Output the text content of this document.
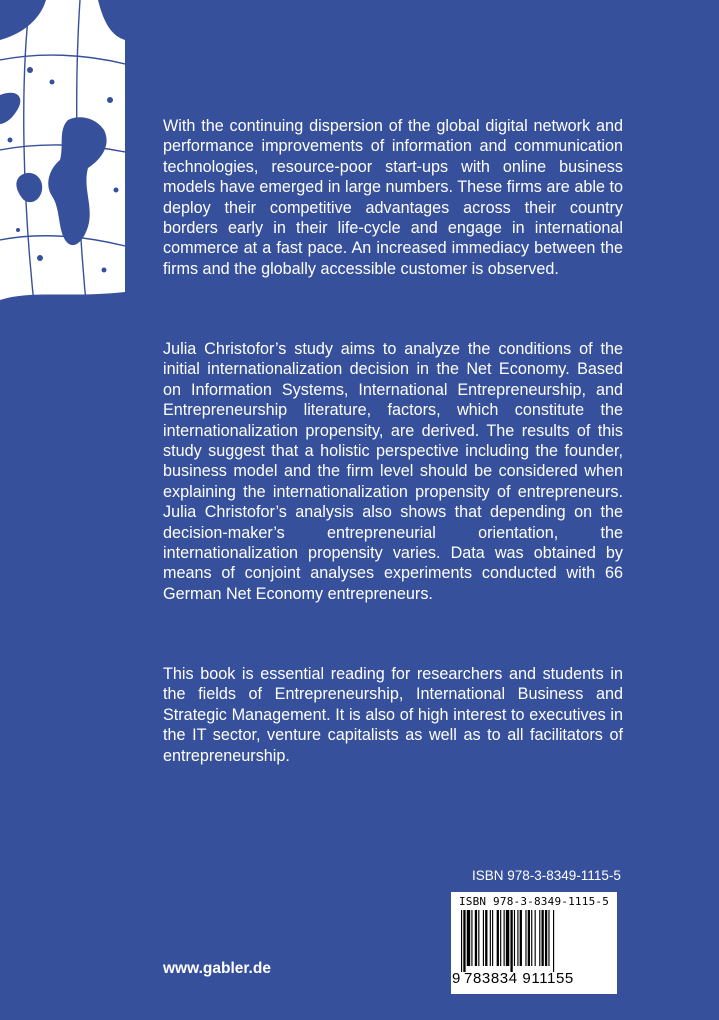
With the continuing dispersion of the global digital network and performance improvements of information and communication technologies, resource-poor start-ups with online business models have emerged in large numbers. These firms are able to deploy their competitive advantages across their country borders early in their life-cycle and engage in international commerce at a fast pace. An increased immediacy between the firms and the globally accessible customer is observed.

Julia Christofor’s study aims to analyze the conditions of the initial internationalization decision in the Net Economy. Based on Information Systems, International Entrepreneurship, and Entrepreneurship literature, factors, which constitute the internationalization propensity, are derived. The results of this study suggest that a holistic perspective including the founder, business model and the firm level should be considered when explaining the internationalization propensity of entrepreneurs. Julia Christofor’s analysis also shows that depending on the decision-maker’s entrepreneurial orientation, the internationalization propensity varies. Data was obtained by means of conjoint analyses experiments conducted with 66 German Net Economy entrepreneurs.

This book is essential reading for researchers and students in the fields of Entrepreneurship, International Business and Strategic Management. It is also of high interest to executives in the IT sector, venture capitalists as well as to all facilitators of entrepreneurship.

ISBN 978-3-8349-1115-5
ISBN 978-3-8349-1115-5
9 783834 911155
www.gabler.de
